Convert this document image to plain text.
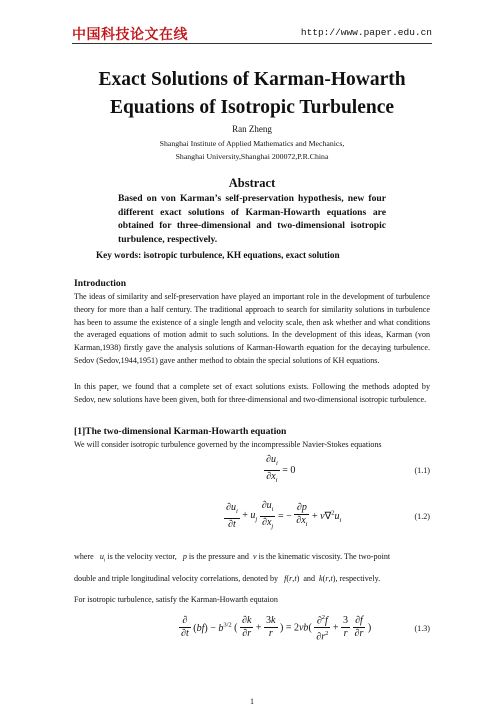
中国科技论文在线	http://www.paper.edu.cn
Exact Solutions of Karman-Howarth
Equations of Isotropic Turbulence
Ran Zheng
Shanghai Institute of Applied Mathematics and Mechanics,
Shanghai University,Shanghai 200072,P.R.China
Abstract
Based on von Karman’s self-preservation hypothesis, new four different exact solutions of Karman-Howarth equations are obtained for three-dimensional and two-dimensional isotropic turbulence, respectively.
Key words: isotropic turbulence, KH equations, exact solution
Introduction
The ideas of similarity and self-preservation have played an important role in the development of turbulence theory for more than a half century. The traditional approach to search for similarity solutions in turbulence has been to assume the existence of a single length and velocity scale, then ask whether and what conditions the averaged equations of motion admit to such solutions. In the development of this ideas, Karman (von Karman,1938) firstly gave the analysis solutions of Karman-Howarth equation for the decaying turbulence. Sedov (Sedov,1944,1951) gave anther method to obtain the special solutions of KH equations.
In this paper, we found that a complete set of exact solutions exists. Following the methods adopted by Sedov, new solutions have been given, both for three-dimensional and two-dimensional isotropic turbulence.
[1]The two-dimensional Karman-Howarth equation
We will consider isotropic turbulence governed by the incompressible Navier-Stokes equations
$\frac{\partial u_i}{\partial x_i} = 0$	(1.1)
$\frac{\partial u_i}{\partial t} + u_j \frac{\partial u_i}{\partial x_j}$ = − $\frac{\partial p}{\partial x_i} + \nu\nabla^2u_i$	(1.2)
where $u_i$ is the velocity vector, p is the pressure and ν is the kinematic viscosity. The two-point
double and triple longitudinal velocity correlations, denoted by f(r,t)  and k(r,t), respectively.
For isotropic turbulence, satisfy the Karman-Howarth equtaion
$\frac{\partial}{\partial t} (bf) - b^{3/2}$ ( $\frac{\partial k}{\partial r} + \frac{3k}{r}$ ) = $2\nu b( \frac{\partial^2f}{\partial r^2} + \frac{3}{r}$
$\frac{\partial f}{\partial r}$ )	(1.3)
1
